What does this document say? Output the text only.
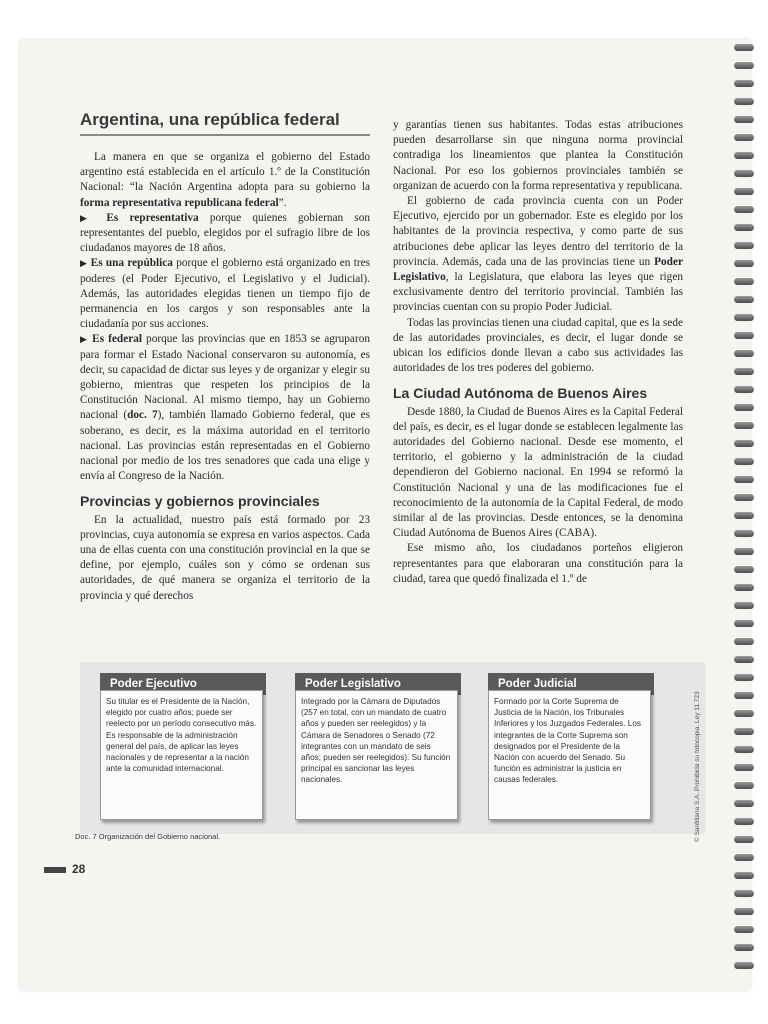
Argentina, una república federal

La manera en que se organiza el gobierno del Estado argentino está establecida en el artículo 1.º de la Constitución Nacional: “la Nación Argentina adopta para su gobierno la forma representativa republicana federal”.

▶ Es representativa porque quienes gobiernan son representantes del pueblo, elegidos por el sufragio libre de los ciudadanos mayores de 18 años.

▶ Es una república porque el gobierno está organizado en tres poderes (el Poder Ejecutivo, el Legislativo y el Judicial). Además, las autoridades elegidas tienen un tiempo fijo de permanencia en los cargos y son responsables ante la ciudadanía por sus acciones.

▶ Es federal porque las provincias que en 1853 se agruparon para formar el Estado Nacional conservaron su autonomía, es decir, su capacidad de dictar sus leyes y de organizar y elegir su gobierno, mientras que respeten los principios de la Constitución Nacional. Al mismo tiempo, hay un Gobierno nacional (doc. 7), también llamado Gobierno federal, que es soberano, es decir, es la máxima autoridad en el territorio nacional. Las provincias están representadas en el Gobierno nacional por medio de los tres senadores que cada una elige y envía al Congreso de la Nación.

Provincias y gobiernos provinciales

En la actualidad, nuestro país está formado por 23 provincias, cuya autonomía se expresa en varios aspectos. Cada una de ellas cuenta con una constitución provincial en la que se define, por ejemplo, cuáles son y cómo se ordenan sus autoridades, de qué manera se organiza el territorio de la provincia y qué derechos

y garantías tienen sus habitantes. Todas estas atribuciones pueden desarrollarse sin que ninguna norma provincial contradiga los lineamientos que plantea la Constitución Nacional. Por eso los gobiernos provinciales también se organizan de acuerdo con la forma representativa y republicana.

El gobierno de cada provincia cuenta con un Poder Ejecutivo, ejercido por un gobernador. Este es elegido por los habitantes de la provincia respectiva, y como parte de sus atribuciones debe aplicar las leyes dentro del territorio de la provincia. Además, cada una de las provincias tiene un Poder Legislativo, la Legislatura, que elabora las leyes que rigen exclusivamente dentro del territorio provincial. También las provincias cuentan con su propio Poder Judicial.

Todas las provincias tienen una ciudad capital, que es la sede de las autoridades provinciales, es decir, el lugar donde se ubican los edificios donde llevan a cabo sus actividades las autoridades de los tres poderes del gobierno.

La Ciudad Autónoma de Buenos Aires

Desde 1880, la Ciudad de Buenos Aires es la Capital Federal del país, es decir, es el lugar donde se establecen legalmente las autoridades del Gobierno nacional. Desde ese momento, el territorio, el gobierno y la administración de la ciudad dependieron del Gobierno nacional. En 1994 se reformó la Constitución Nacional y una de las modificaciones fue el reconocimiento de la autonomía de la Capital Federal, de modo similar al de las provincias. Desde entonces, se la denomina Ciudad Autónoma de Buenos Aires (CABA).

Ese mismo año, los ciudadanos porteños eligieron representantes para que elaboraran una constitución para la ciudad, tarea que quedó finalizada el 1.º de

Poder Ejecutivo
Su titular es el Presidente de la Nación, elegido por cuatro años; puede ser reelecto por un período consecutivo más. Es responsable de la administración general del país, de aplicar las leyes nacionales y de representar a la nación ante la comunidad internacional.
Poder Legislativo
Integrado por la Cámara de Diputados (257 en total, con un mandato de cuatro años y pueden ser reelegidos) y la Cámara de Senadores o Senado (72 integrantes con un mandato de seis años; pueden ser reelegidos). Su función principal es sancionar las leyes nacionales.
Poder Judicial
Formado por la Corte Suprema de Justicia de la Nación, los Tribunales Inferiores y los Juzgados Federales. Los integrantes de la Corte Suprema son designados por el Presidente de la Nación con acuerdo del Senado. Su función es administrar la justicia en causas federales.
Doc. 7 Organización del Gobierno nacional.
28
© Santillana S.A. Prohibida su fotocopia. Ley 11.723
